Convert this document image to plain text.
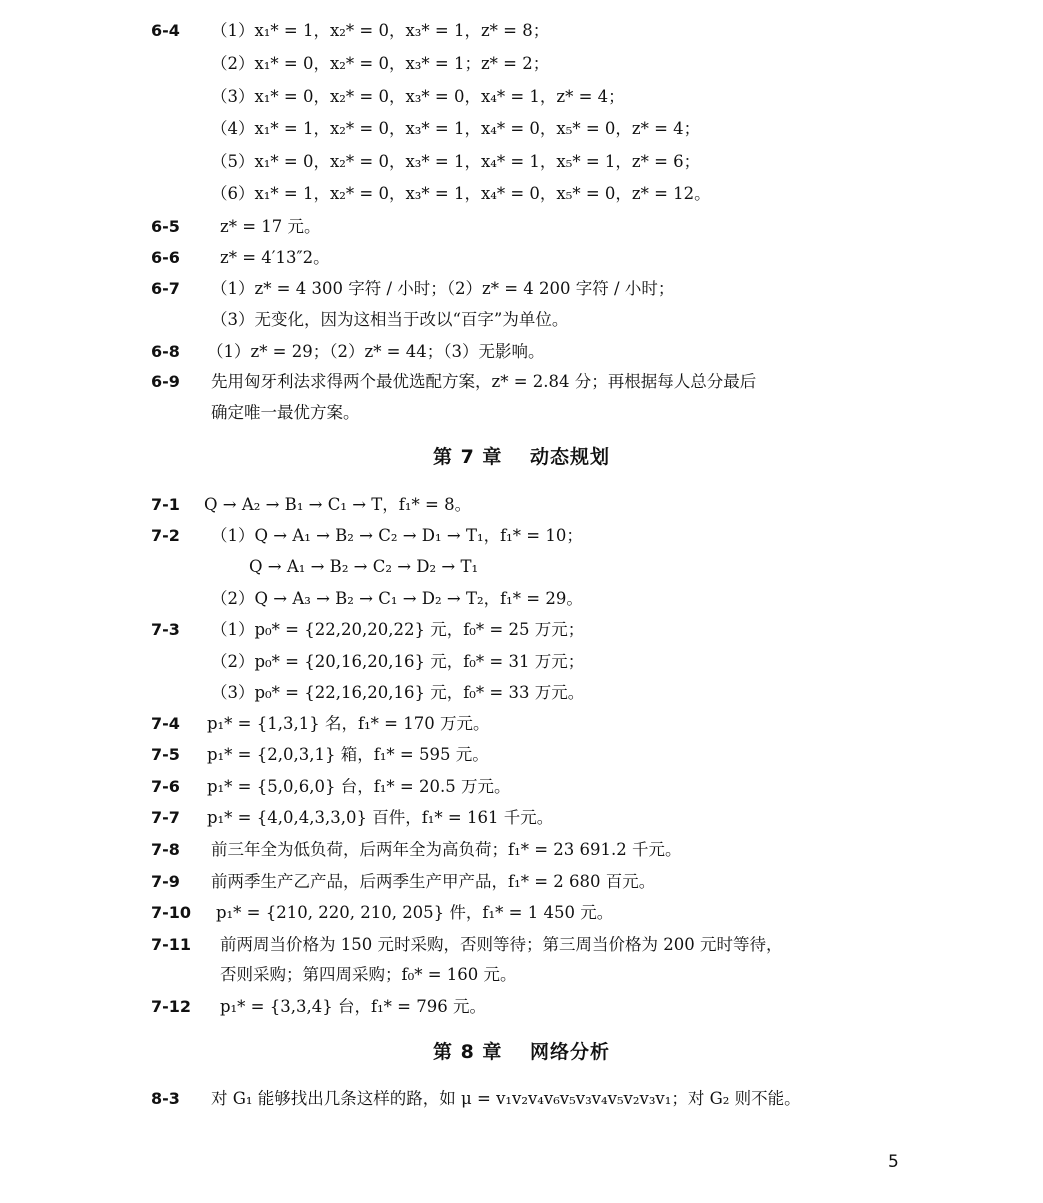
6-4 （1）x₁* = 1，x₂* = 0，x₃* = 1，z* = 8；
（2）x₁* = 0，x₂* = 0，x₃* = 1；z* = 2；
（3）x₁* = 0，x₂* = 0，x₃* = 0，x₄* = 1，z* = 4；
（4）x₁* = 1，x₂* = 0，x₃* = 1，x₄* = 0，x₅* = 0，z* = 4；
（5）x₁* = 0，x₂* = 0，x₃* = 1，x₄* = 1，x₅* = 1，z* = 6；
（6）x₁* = 1，x₂* = 0，x₃* = 1，x₄* = 0，x₅* = 0，z* = 12。
6-5 z* = 17 元。
6-6 z* = 4′13″2。
6-7 （1）z* = 4 300 字符 / 小时；（2）z* = 4 200 字符 / 小时；
（3）无变化，因为这相当于改以“百字”为单位。
6-8 （1）z* = 29；（2）z* = 44；（3）无影响。
6-9 先用匈牙利法求得两个最优选配方案，z* = 2.84 分；再根据每人总分最后
确定唯一最优方案。
第 7 章　 动态规划
7-1 Q → A₂ → B₁ → C₁ → T，f₁* = 8。
7-2 （1）Q → A₁ → B₂ → C₂ → D₁ → T₁，f₁* = 10；
Q → A₁ → B₂ → C₂ → D₂ → T₁
（2）Q → A₃ → B₂ → C₁ → D₂ → T₂，f₁* = 29。
7-3 （1）p₀* = {22,20,20,22} 元，f₀* = 25 万元；
（2）p₀* = {20,16,20,16} 元，f₀* = 31 万元；
（3）p₀* = {22,16,20,16} 元，f₀* = 33 万元。
7-4 p₁* = {1,3,1} 名，f₁* = 170 万元。
7-5 p₁* = {2,0,3,1} 箱，f₁* = 595 元。
7-6 p₁* = {5,0,6,0} 台，f₁* = 20.5 万元。
7-7 p₁* = {4,0,4,3,3,0} 百件，f₁* = 161 千元。
7-8 前三年全为低负荷，后两年全为高负荷；f₁* = 23 691.2 千元。
7-9 前两季生产乙产品，后两季生产甲产品，f₁* = 2 680 百元。
7-10 p₁* = {210, 220, 210, 205} 件，f₁* = 1 450 元。
7-11 前两周当价格为 150 元时采购，否则等待；第三周当价格为 200 元时等待，
否则采购；第四周采购；f₀* = 160 元。
7-12 p₁* = {3,3,4} 台，f₁* = 796 元。
第 8 章　 网络分析
8-3 对 G₁ 能够找出几条这样的路，如 μ = v₁v₂v₄v₆v₅v₃v₄v₅v₂v₃v₁；对 G₂ 则不能。
5
